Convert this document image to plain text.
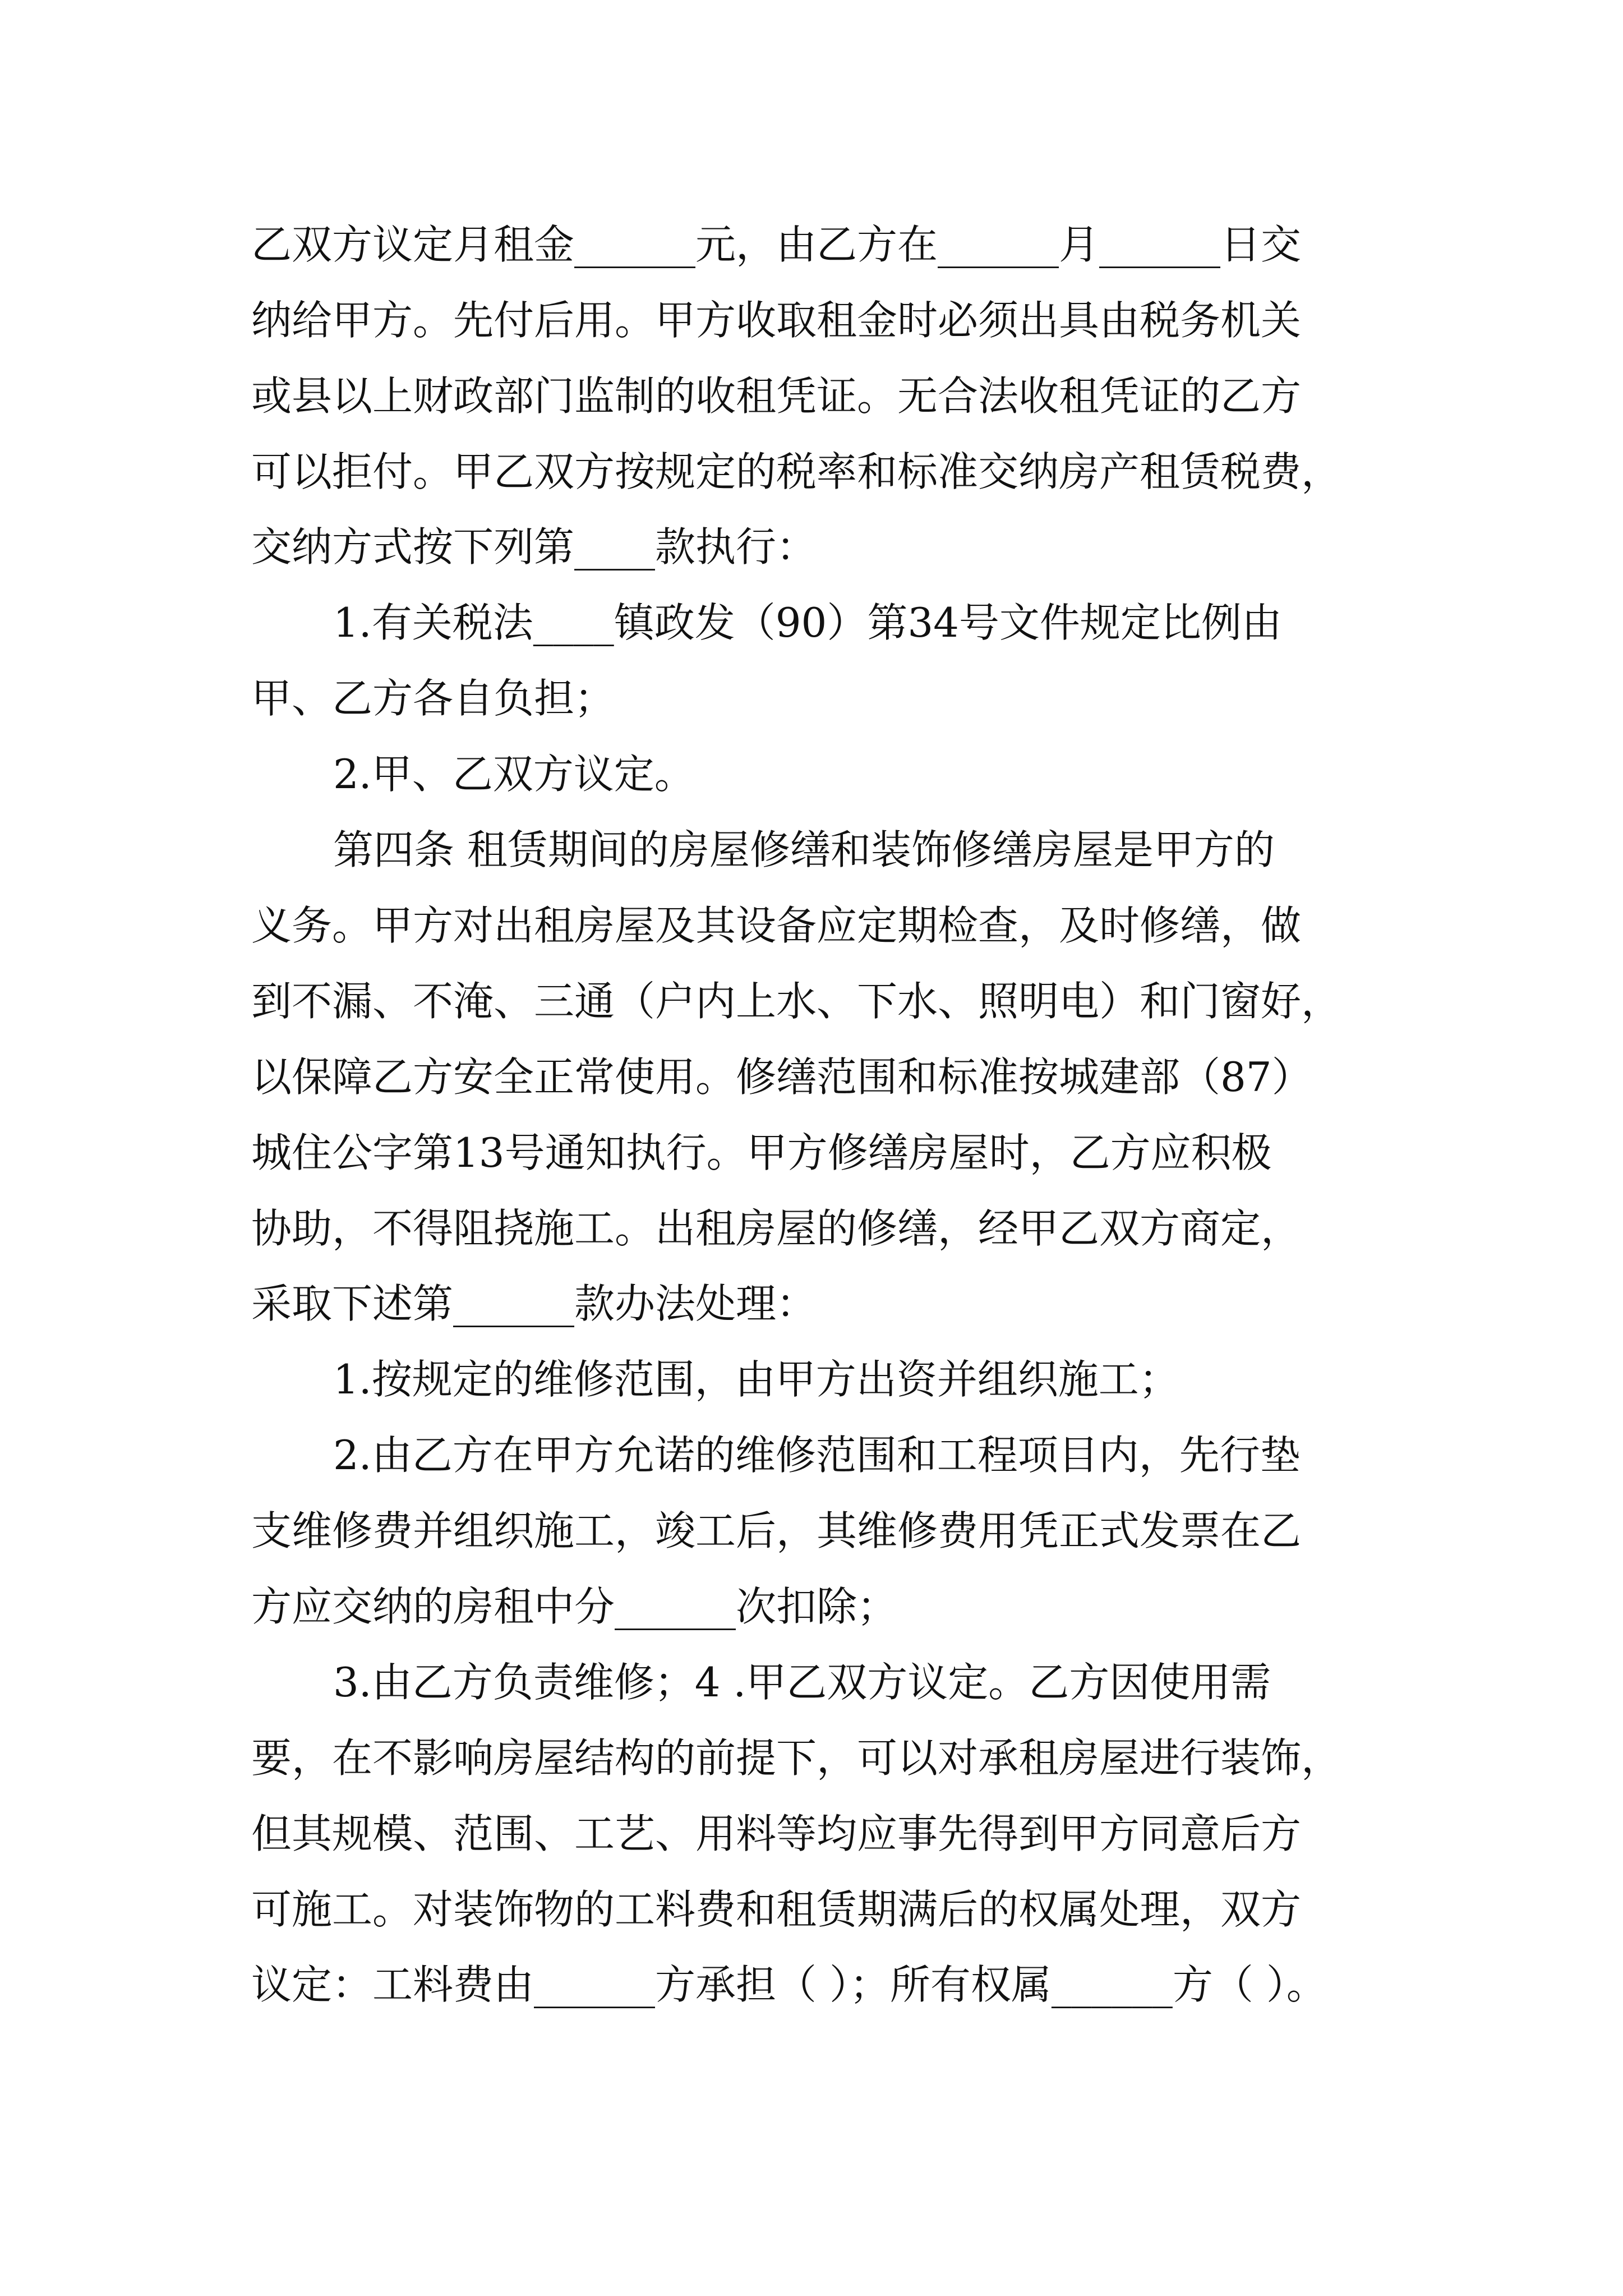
乙双方议定月租金______元，由乙方在______月______日交

纳给甲方。先付后用。甲方收取租金时必须出具由税务机关

或县以上财政部门监制的收租凭证。无合法收租凭证的乙方

可以拒付。甲乙双方按规定的税率和标准交纳房产租赁税费，

交纳方式按下列第____款执行：

1.有关税法____镇政发（90）第34号文件规定比例由

甲、乙方各自负担；

2.甲、乙双方议定。

第四条 租赁期间的房屋修缮和装饰修缮房屋是甲方的

义务。甲方对出租房屋及其设备应定期检查，及时修缮，做

到不漏、不淹、三通（户内上水、下水、照明电）和门窗好，

以保障乙方安全正常使用。修缮范围和标准按城建部（87）

城住公字第13号通知执行。甲方修缮房屋时，乙方应积极

协助，不得阻挠施工。出租房屋的修缮，经甲乙双方商定，

采取下述第______款办法处理：

1.按规定的维修范围，由甲方出资并组织施工；

2.由乙方在甲方允诺的维修范围和工程项目内，先行垫

支维修费并组织施工，竣工后，其维修费用凭正式发票在乙

方应交纳的房租中分______次扣除；

3.由乙方负责维修；4 .甲乙双方议定。乙方因使用需

要，在不影响房屋结构的前提下，可以对承租房屋进行装饰，

但其规模、范围、工艺、用料等均应事先得到甲方同意后方

可施工。对装饰物的工料费和租赁期满后的权属处理，双方

议定：工料费由______方承担（ ）；所有权属______方（ ）。
